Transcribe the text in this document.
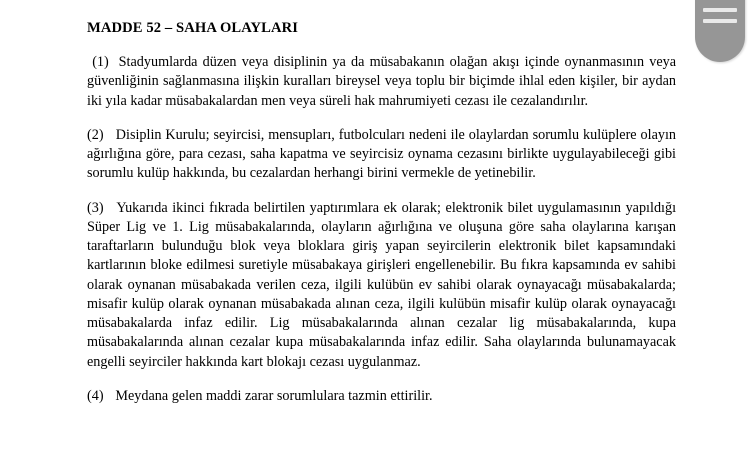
MADDE 52 – SAHA OLAYLARI

(1)	Stadyumlarda düzen veya disiplinin ya da müsabakanın olağan akışı içinde oynanmasının veya güvenliğinin sağlanmasına ilişkin kuralları bireysel veya toplu bir biçimde ihlal eden kişiler, bir aydan iki yıla kadar müsabakalardan men veya süreli hak mahrumiyeti cezası ile cezalandırılır.

(2)	Disiplin Kurulu; seyircisi, mensupları, futbolcuları nedeni ile olaylardan sorumlu kulüplere olayın ağırlığına göre, para cezası, saha kapatma ve seyircisiz oynama cezasını birlikte uygulayabileceği gibi sorumlu kulüp hakkında, bu cezalardan herhangi birini vermekle de yetinebilir.

(3)	Yukarıda ikinci fıkrada belirtilen yaptırımlara ek olarak; elektronik bilet uygulamasının yapıldığı Süper Lig ve 1. Lig müsabakalarında, olayların ağırlığına ve oluşuna göre saha olaylarına karışan taraftarların bulunduğu blok veya bloklara giriş yapan seyircilerin elektronik bilet kapsamındaki kartlarının bloke edilmesi suretiyle müsabakaya girişleri engellenebilir. Bu fıkra kapsamında ev sahibi olarak oynanan müsabakada verilen ceza, ilgili kulübün ev sahibi olarak oynayacağı müsabakalarda; misafir kulüp olarak oynanan müsabakada alınan ceza, ilgili kulübün misafir kulüp olarak oynayacağı müsabakalarda infaz edilir. Lig müsabakalarında alınan cezalar lig müsabakalarında, kupa müsabakalarında alınan cezalar kupa müsabakalarında infaz edilir. Saha olaylarında bulunamayacak engelli seyirciler hakkında kart blokajı cezası uygulanmaz.

(4)	Meydana gelen maddi zarar sorumlulara tazmin ettirilir.
